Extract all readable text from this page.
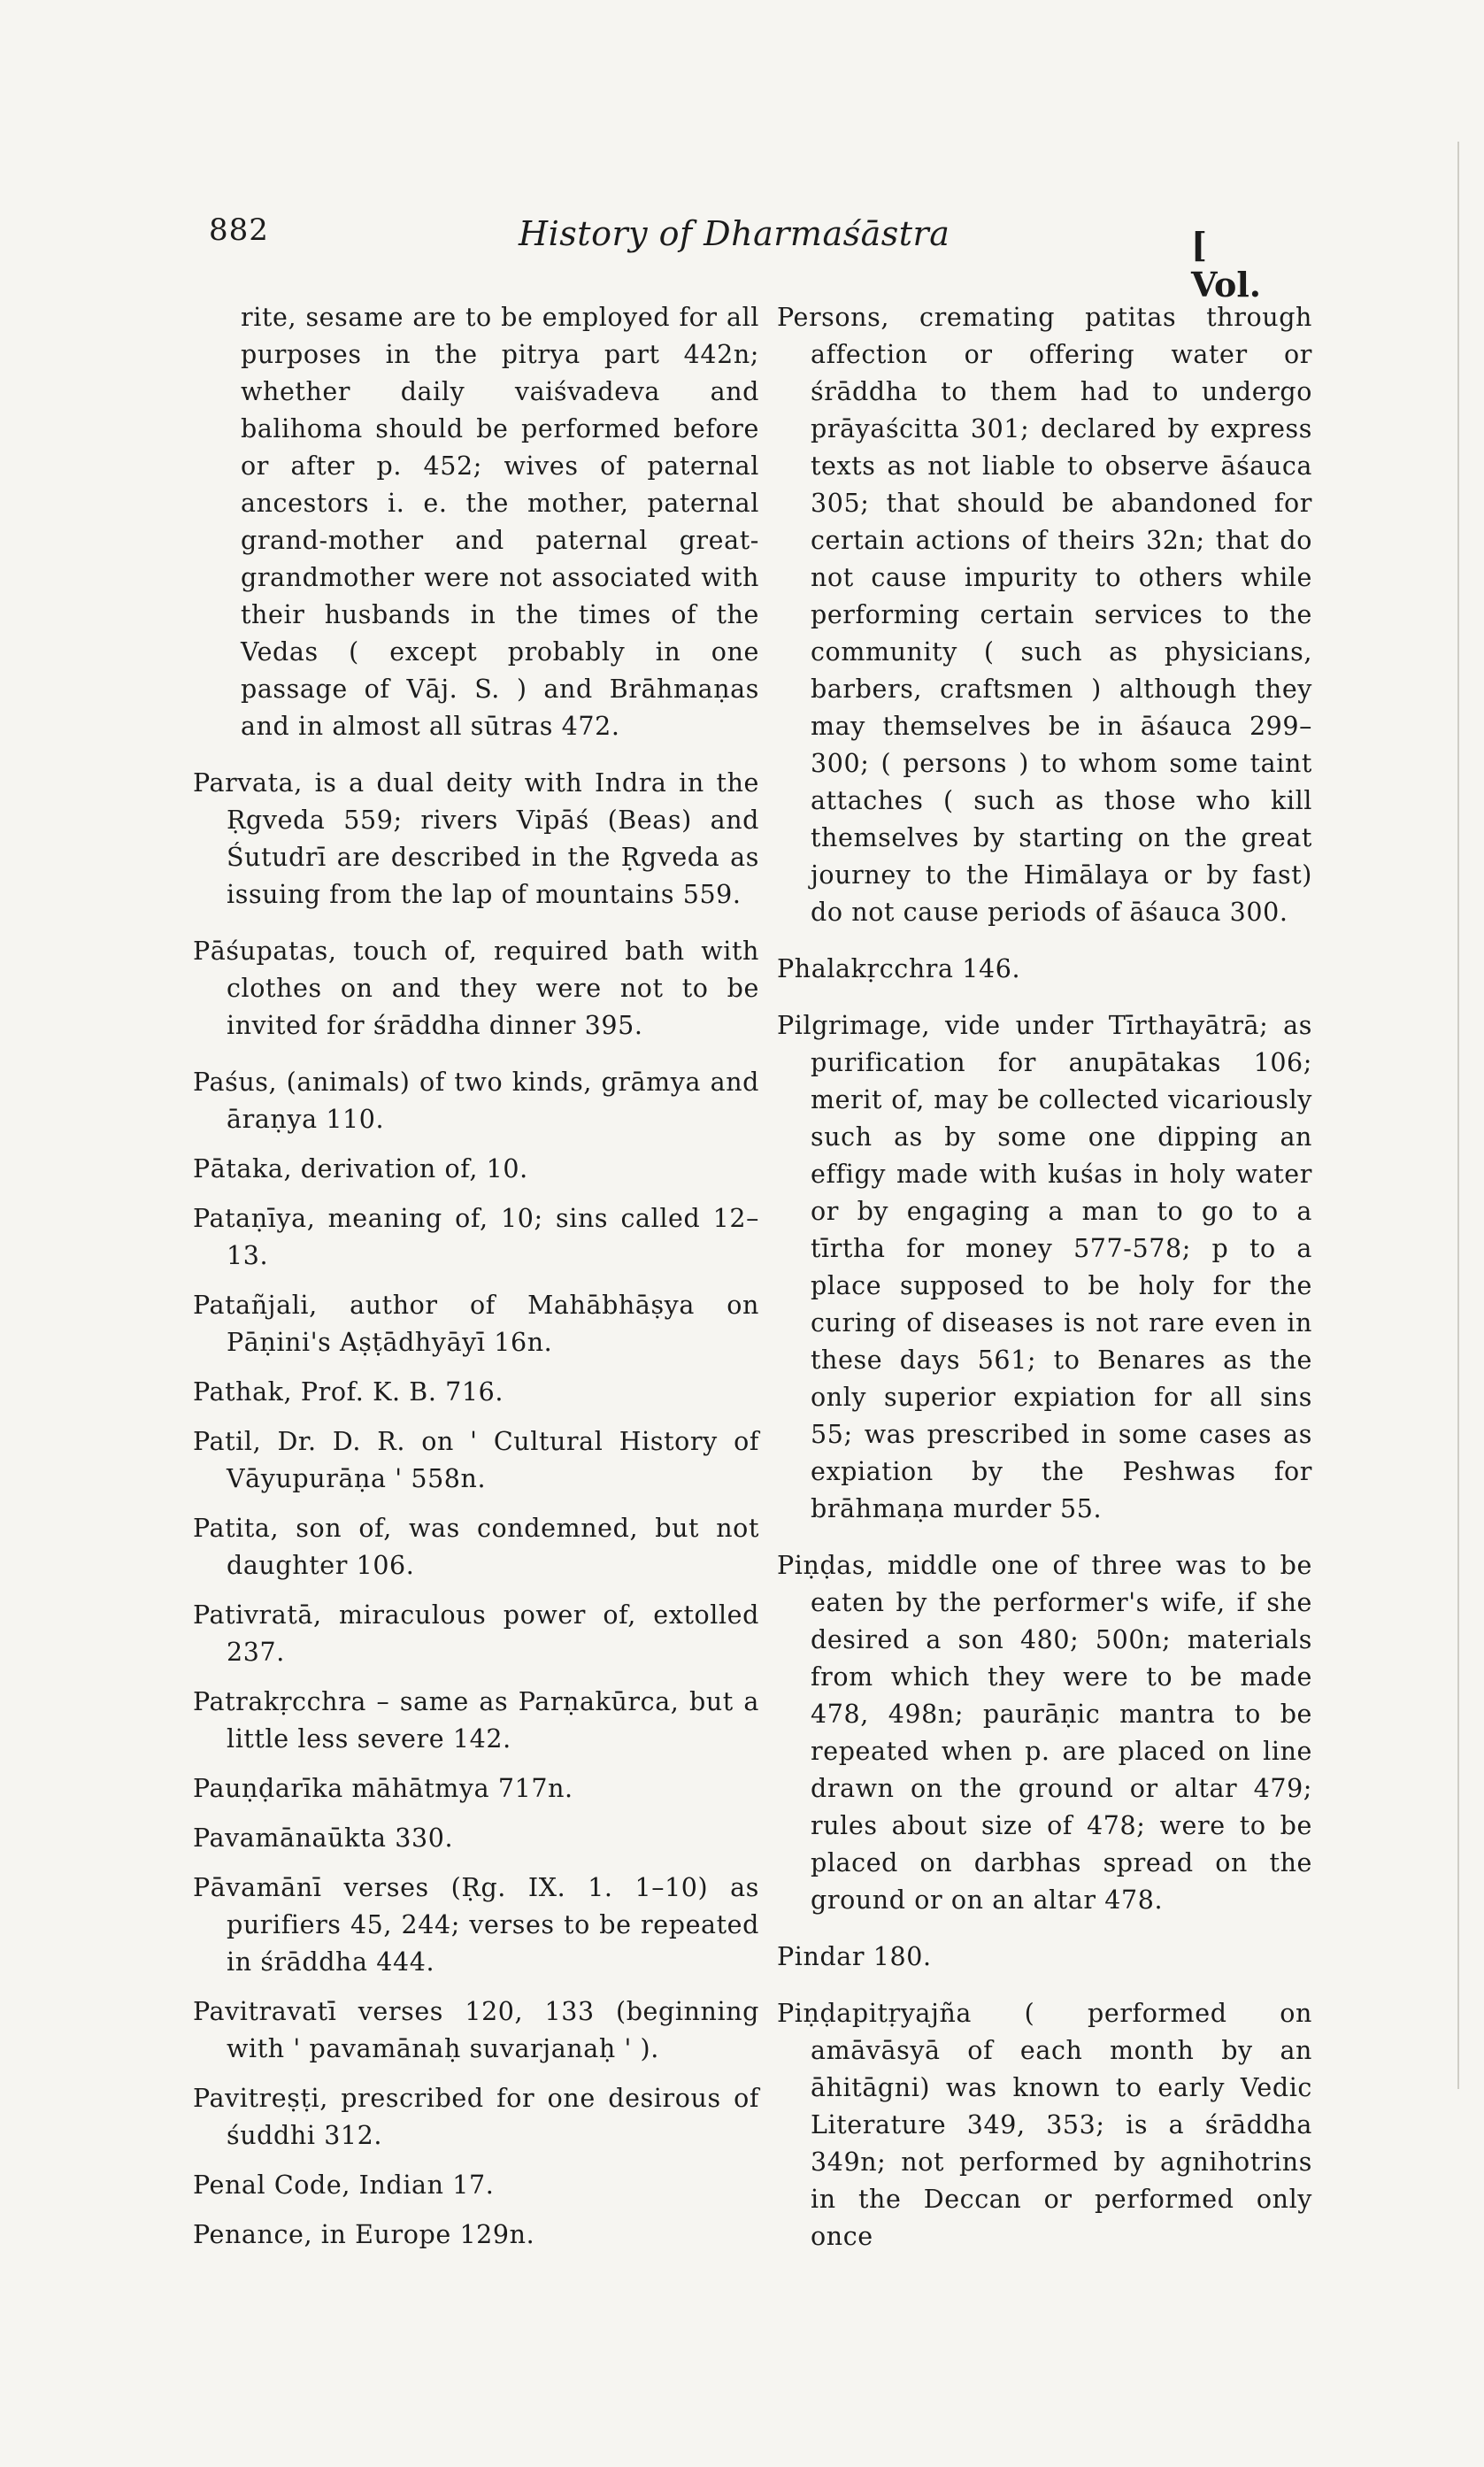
882	History of Dharmaśāstra	[ Vol.

rite, sesame are to be employed for all purposes in the pitrya part 442n; whether daily vaiśvadeva and balihoma should be performed before or after p. 452; wives of paternal ancestors i. e. the mother, paternal grand-mother and paternal great-grandmother were not associated with their husbands in the times of the Vedas ( except probably in one passage of Vāj. S. ) and Brāhmaṇas and in almost all sūtras 472.

Parvata, is a dual deity with Indra in the Ṛgveda 559; rivers Vipāś (Beas) and Śutudrī are described in the Ṛgveda as issuing from the lap of mountains 559.

Pāśupatas, touch of, required bath with clothes on and they were not to be invited for śrāddha dinner 395.

Paśus, (animals) of two kinds, grāmya and āraṇya 110.

Pātaka, derivation of, 10.

Pataṇīya, meaning of, 10; sins called 12–13.

Patañjali, author of Mahābhāṣya on Pāṇini's Aṣṭādhyāyī 16n.

Pathak, Prof. K. B. 716.

Patil, Dr. D. R. on ' Cultural History of Vāyupurāṇa ' 558n.

Patita, son of, was condemned, but not daughter 106.

Pativratā, miraculous power of, extolled 237.

Patrakṛcchra – same as Parṇakūrca, but a little less severe 142.

Pauṇḍarīka māhātmya 717n.

Pavamānaūkta 330.

Pāvamānī verses (Ṛg. IX. 1. 1–10) as purifiers 45, 244; verses to be repeated in śrāddha 444.

Pavitravatī verses 120, 133 (beginning with ' pavamānaḥ suvarjanaḥ ' ).

Pavitreṣṭi, prescribed for one desirous of śuddhi 312.

Penal Code, Indian 17.

Penance, in Europe 129n.

Persons, cremating patitas through affection or offering water or śrāddha to them had to undergo prāyaścitta 301; declared by express texts as not liable to observe āśauca 305; that should be abandoned for certain actions of theirs 32n; that do not cause impurity to others while performing certain services to the community ( such as physicians, barbers, craftsmen ) although they may themselves be in āśauca 299–300; ( persons ) to whom some taint attaches ( such as those who kill themselves by starting on the great journey to the Himālaya or by fast) do not cause periods of āśauca 300.

Phalakṛcchra 146.

Pilgrimage, vide under Tīrthayātrā; as purification for anupātakas 106; merit of, may be collected vicariously such as by some one dipping an effigy made with kuśas in holy water or by engaging a man to go to a tīrtha for money 577-578; p to a place supposed to be holy for the curing of diseases is not rare even in these days 561; to Benares as the only superior expiation for all sins 55; was prescribed in some cases as expiation by the Peshwas for brāhmaṇa murder 55.

Piṇḍas, middle one of three was to be eaten by the performer's wife, if she desired a son 480; 500n; materials from which they were to be made 478, 498n; paurāṇic mantra to be repeated when p. are placed on line drawn on the ground or altar 479; rules about size of 478; were to be placed on darbhas spread on the ground or on an altar 478.

Pindar 180.

Piṇḍapitṛyajña ( performed on amāvāsyā of each month by an āhitāgni) was known to early Vedic Literature 349, 353; is a śrāddha 349n; not performed by agnihotrins in the Deccan or performed only once
